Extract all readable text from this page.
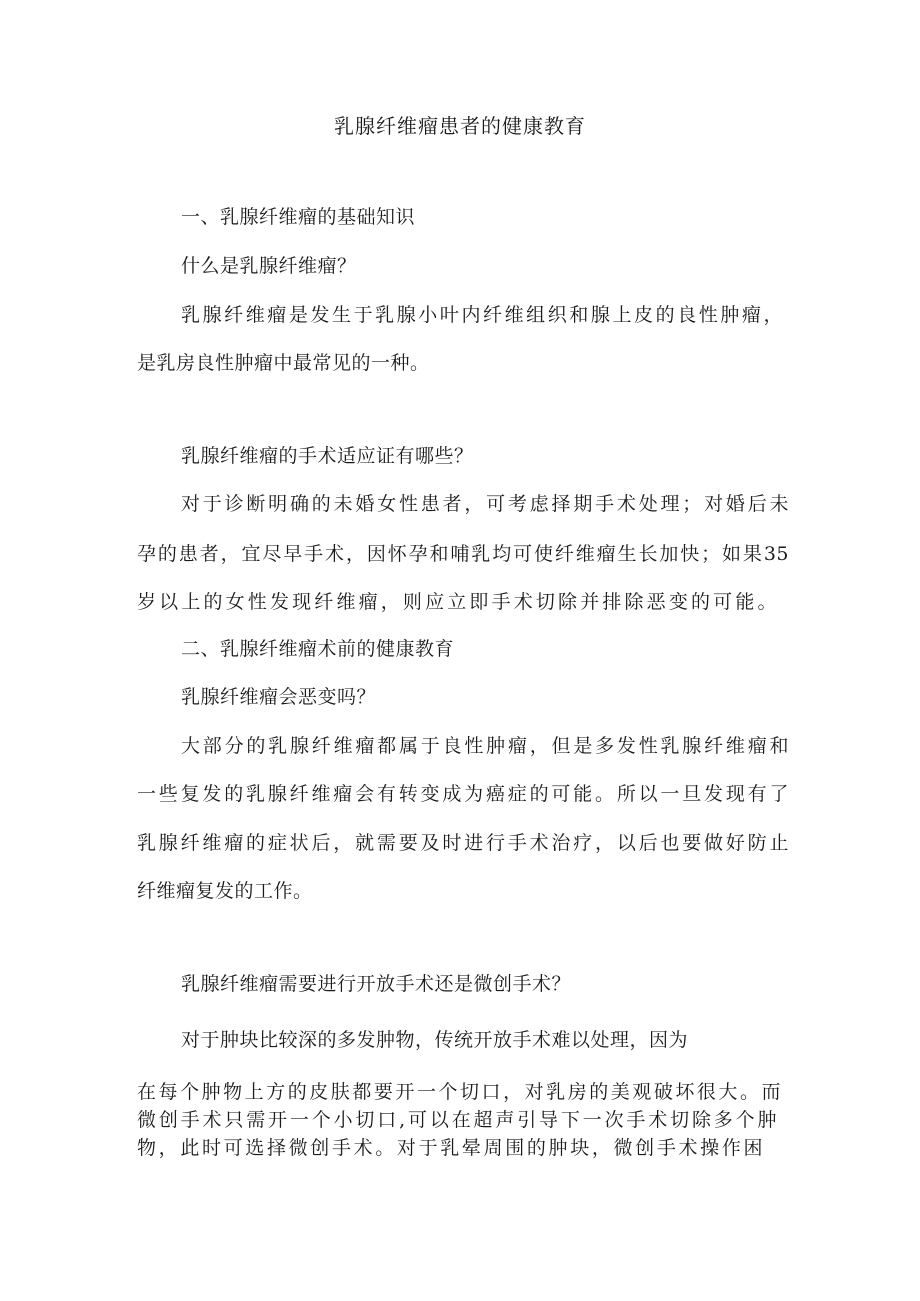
乳腺纤维瘤患者的健康教育
一、乳腺纤维瘤的基础知识
什么是乳腺纤维瘤？
乳腺纤维瘤是发生于乳腺小叶内纤维组织和腺上皮的良性肿瘤，
是乳房良性肿瘤中最常见的一种。
乳腺纤维瘤的手术适应证有哪些？
对于诊断明确的未婚女性患者，可考虑择期手术处理；对婚后未
孕的患者，宜尽早手术，因怀孕和哺乳均可使纤维瘤生长加快；如果35
岁以上的女性发现纤维瘤，则应立即手术切除并排除恶变的可能。
二、乳腺纤维瘤术前的健康教育
乳腺纤维瘤会恶变吗？
大部分的乳腺纤维瘤都属于良性肿瘤，但是多发性乳腺纤维瘤和
一些复发的乳腺纤维瘤会有转变成为癌症的可能。所以一旦发现有了
乳腺纤维瘤的症状后，就需要及时进行手术治疗，以后也要做好防止
纤维瘤复发的工作。
乳腺纤维瘤需要进行开放手术还是微创手术？
对于肿块比较深的多发肿物，传统开放手术难以处理，因为
在每个肿物上方的皮肤都要开一个切口，对乳房的美观破坏很大。而
微创手术只需开一个小切口,可以在超声引导下一次手术切除多个肿
物，此时可选择微创手术。对于乳晕周围的肿块，微创手术操作困
